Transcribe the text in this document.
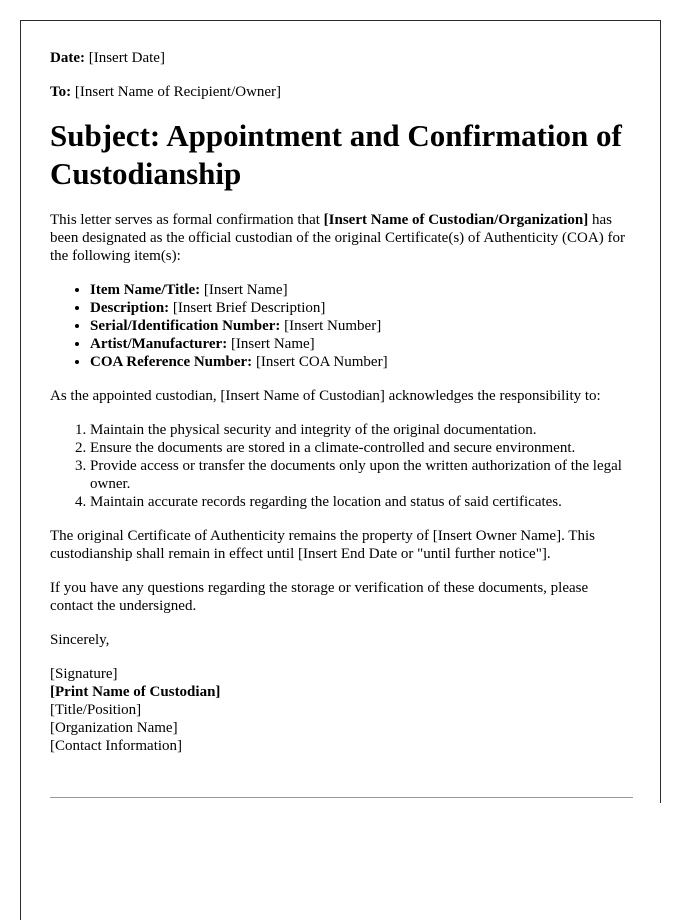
Date: [Insert Date]
To: [Insert Name of Recipient/Owner]
Subject: Appointment and Confirmation of Custodianship

This letter serves as formal confirmation that [Insert Name of Custodian/Organization] has been designated as the official custodian of the original Certificate(s) of Authenticity (COA) for the following item(s):

• Item Name/Title: [Insert Name]
• Description: [Insert Brief Description]
• Serial/Identification Number: [Insert Number]
• Artist/Manufacturer: [Insert Name]
• COA Reference Number: [Insert COA Number]

As the appointed custodian, [Insert Name of Custodian] acknowledges the responsibility to:

1. Maintain the physical security and integrity of the original documentation.
2. Ensure the documents are stored in a climate-controlled and secure environment.
3. Provide access or transfer the documents only upon the written authorization of the legal owner.
4. Maintain accurate records regarding the location and status of said certificates.

The original Certificate of Authenticity remains the property of [Insert Owner Name]. This custodianship shall remain in effect until [Insert End Date or "until further notice"].

If you have any questions regarding the storage or verification of these documents, please contact the undersigned.

Sincerely,

[Signature]
[Print Name of Custodian]
[Title/Position]
[Organization Name]
[Contact Information]
